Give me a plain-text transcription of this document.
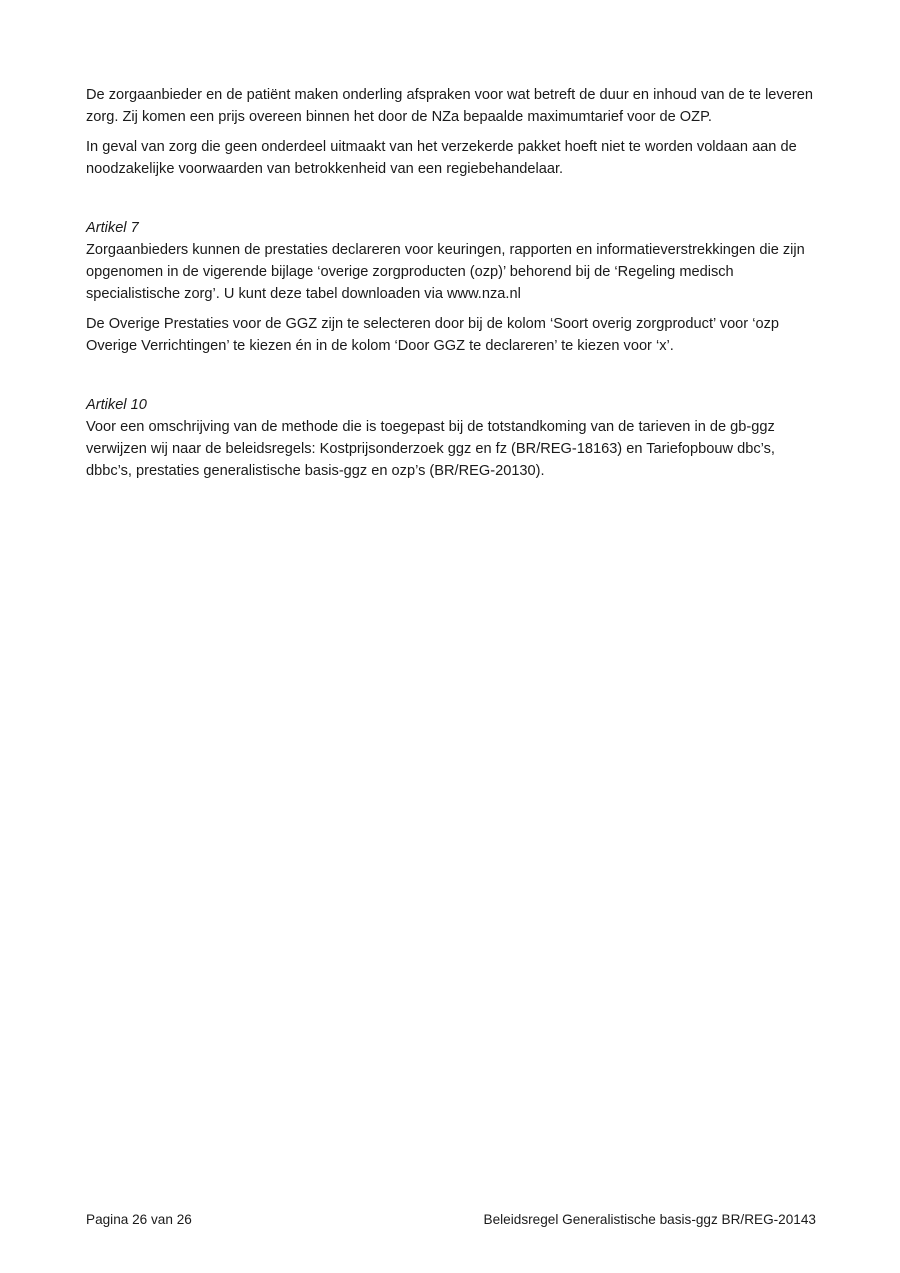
De zorgaanbieder en de patiënt maken onderling afspraken voor wat betreft de duur en inhoud van de te leveren zorg. Zij komen een prijs overeen binnen het door de NZa bepaalde maximumtarief voor de OZP.

In geval van zorg die geen onderdeel uitmaakt van het verzekerde pakket hoeft niet te worden voldaan aan de noodzakelijke voorwaarden van betrokkenheid van een regiebehandelaar.

Artikel 7

Zorgaanbieders kunnen de prestaties declareren voor keuringen, rapporten en informatieverstrekkingen die zijn opgenomen in de vigerende bijlage ‘overige zorgproducten (ozp)’ behorend bij de ‘Regeling medisch specialistische zorg’. U kunt deze tabel downloaden via www.nza.nl

De Overige Prestaties voor de GGZ zijn te selecteren door bij de kolom ‘Soort overig zorgproduct’ voor ‘ozp Overige Verrichtingen’ te kiezen én in de kolom ‘Door GGZ te declareren’ te kiezen voor ‘x’.

Artikel 10

Voor een omschrijving van de methode die is toegepast bij de totstandkoming van de tarieven in de gb-ggz verwijzen wij naar de beleidsregels: Kostprijsonderzoek ggz en fz (BR/REG-18163) en Tariefopbouw dbc’s, dbbc’s, prestaties generalistische basis-ggz en ozp’s (BR/REG-20130).

Pagina 26 van 26	Beleidsregel Generalistische basis-ggz BR/REG-20143
